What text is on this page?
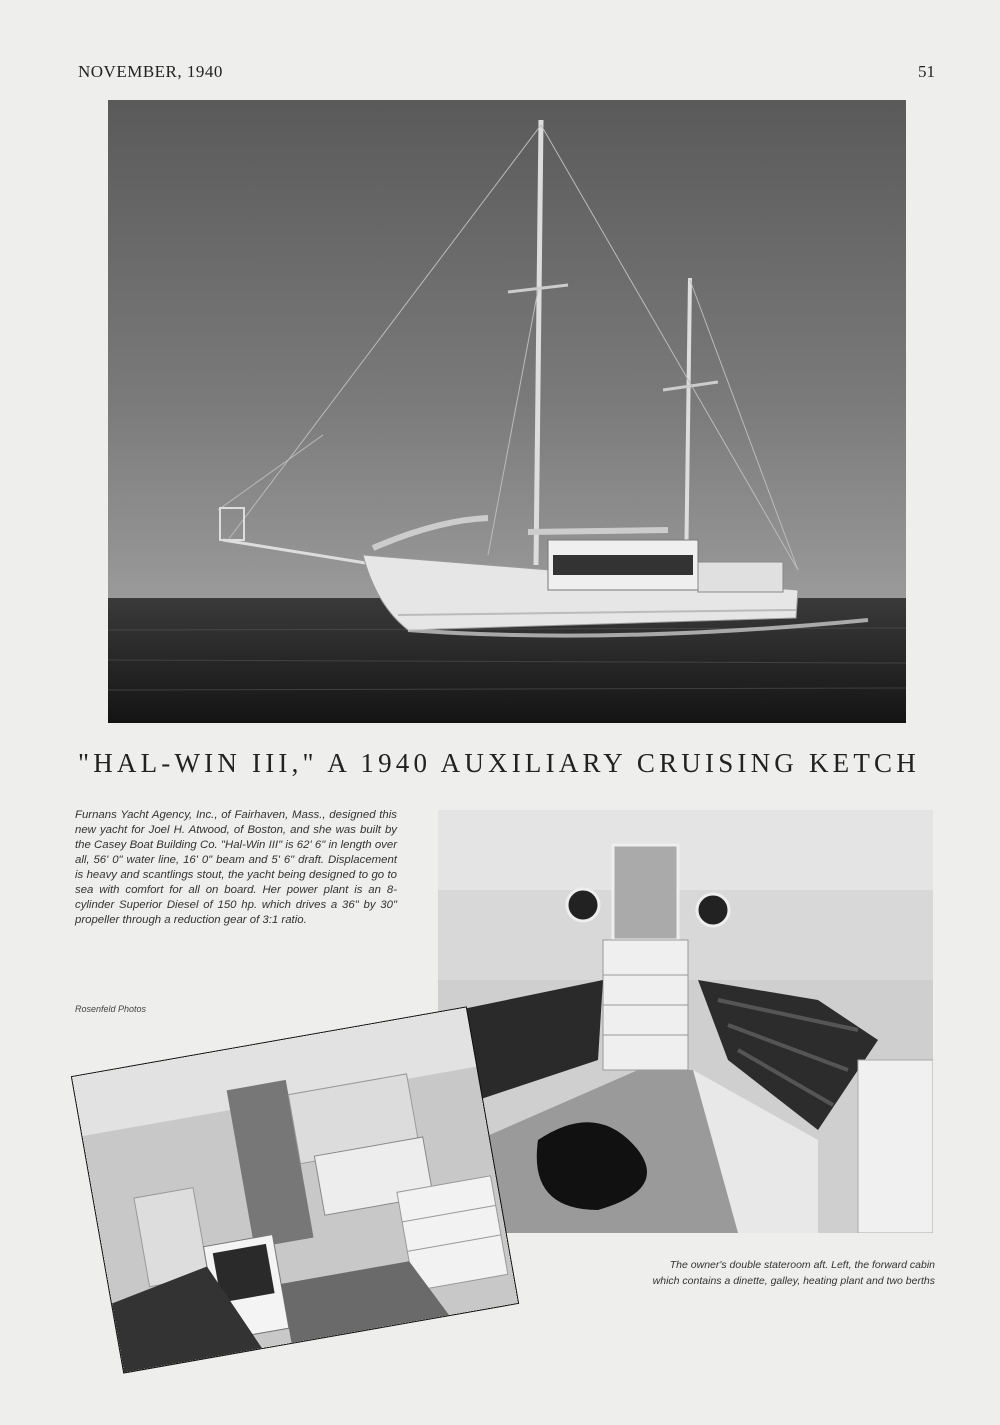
NOVEMBER, 1940	51
"HAL-WIN III," A 1940 AUXILIARY CRUISING KETCH
Furnans Yacht Agency, Inc., of Fairhaven, Mass., designed this new yacht for Joel H. Atwood, of Boston, and she was built by the Casey Boat Building Co. "Hal-Win III" is 62' 6" in length over all, 56' 0" water line, 16' 0" beam and 5' 6" draft. Displacement is heavy and scantlings stout, the yacht being designed to go to sea with comfort for all on board. Her power plant is an 8-cylinder Superior Diesel of 150 hp. which drives a 36" by 30" propeller through a reduction gear of 3:1 ratio.
Rosenfeld Photos
The owner's double stateroom aft. Left, the forward cabin
which contains a dinette, galley, heating plant and two berths
